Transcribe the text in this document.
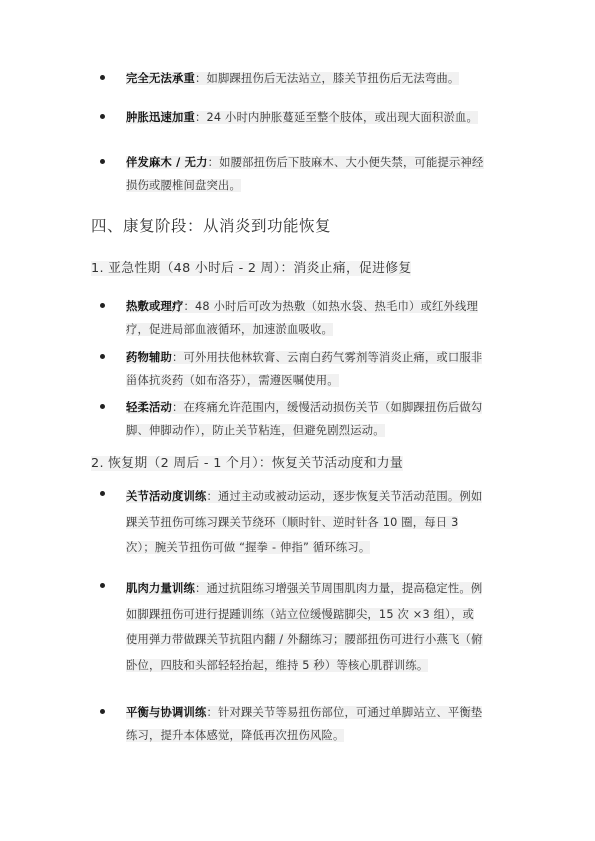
完全无法承重：如脚踝扭伤后无法站立，膝关节扭伤后无法弯曲。
肿胀迅速加重：24 小时内肿胀蔓延至整个肢体，或出现大面积淤血。
伴发麻木 / 无力：如腰部扭伤后下肢麻木、大小便失禁，可能提示神经
损伤或腰椎间盘突出。
四、康复阶段：从消炎到功能恢复
1. 亚急性期（48 小时后 - 2 周）：消炎止痛，促进修复
热敷或理疗：48 小时后可改为热敷（如热水袋、热毛巾）或红外线理
疗，促进局部血液循环，加速淤血吸收。
药物辅助：可外用扶他林软膏、云南白药气雾剂等消炎止痛，或口服非
甾体抗炎药（如布洛芬），需遵医嘱使用。
轻柔活动：在疼痛允许范围内，缓慢活动损伤关节（如脚踝扭伤后做勾
脚、伸脚动作），防止关节粘连，但避免剧烈运动。
2. 恢复期（2 周后 - 1 个月）：恢复关节活动度和力量
关节活动度训练：通过主动或被动运动，逐步恢复关节活动范围。例如
踝关节扭伤可练习踝关节绕环（顺时针、逆时针各 10 圈，每日 3
次）；腕关节扭伤可做 “握拳 - 伸指” 循环练习。
肌肉力量训练：通过抗阻练习增强关节周围肌肉力量，提高稳定性。例
如脚踝扭伤可进行提踵训练（站立位缓慢踮脚尖，15 次 ×3 组），或
使用弹力带做踝关节抗阻内翻 / 外翻练习；腰部扭伤可进行小燕飞（俯
卧位，四肢和头部轻轻抬起，维持 5 秒）等核心肌群训练。
平衡与协调训练：针对踝关节等易扭伤部位，可通过单脚站立、平衡垫
练习，提升本体感觉，降低再次扭伤风险。
